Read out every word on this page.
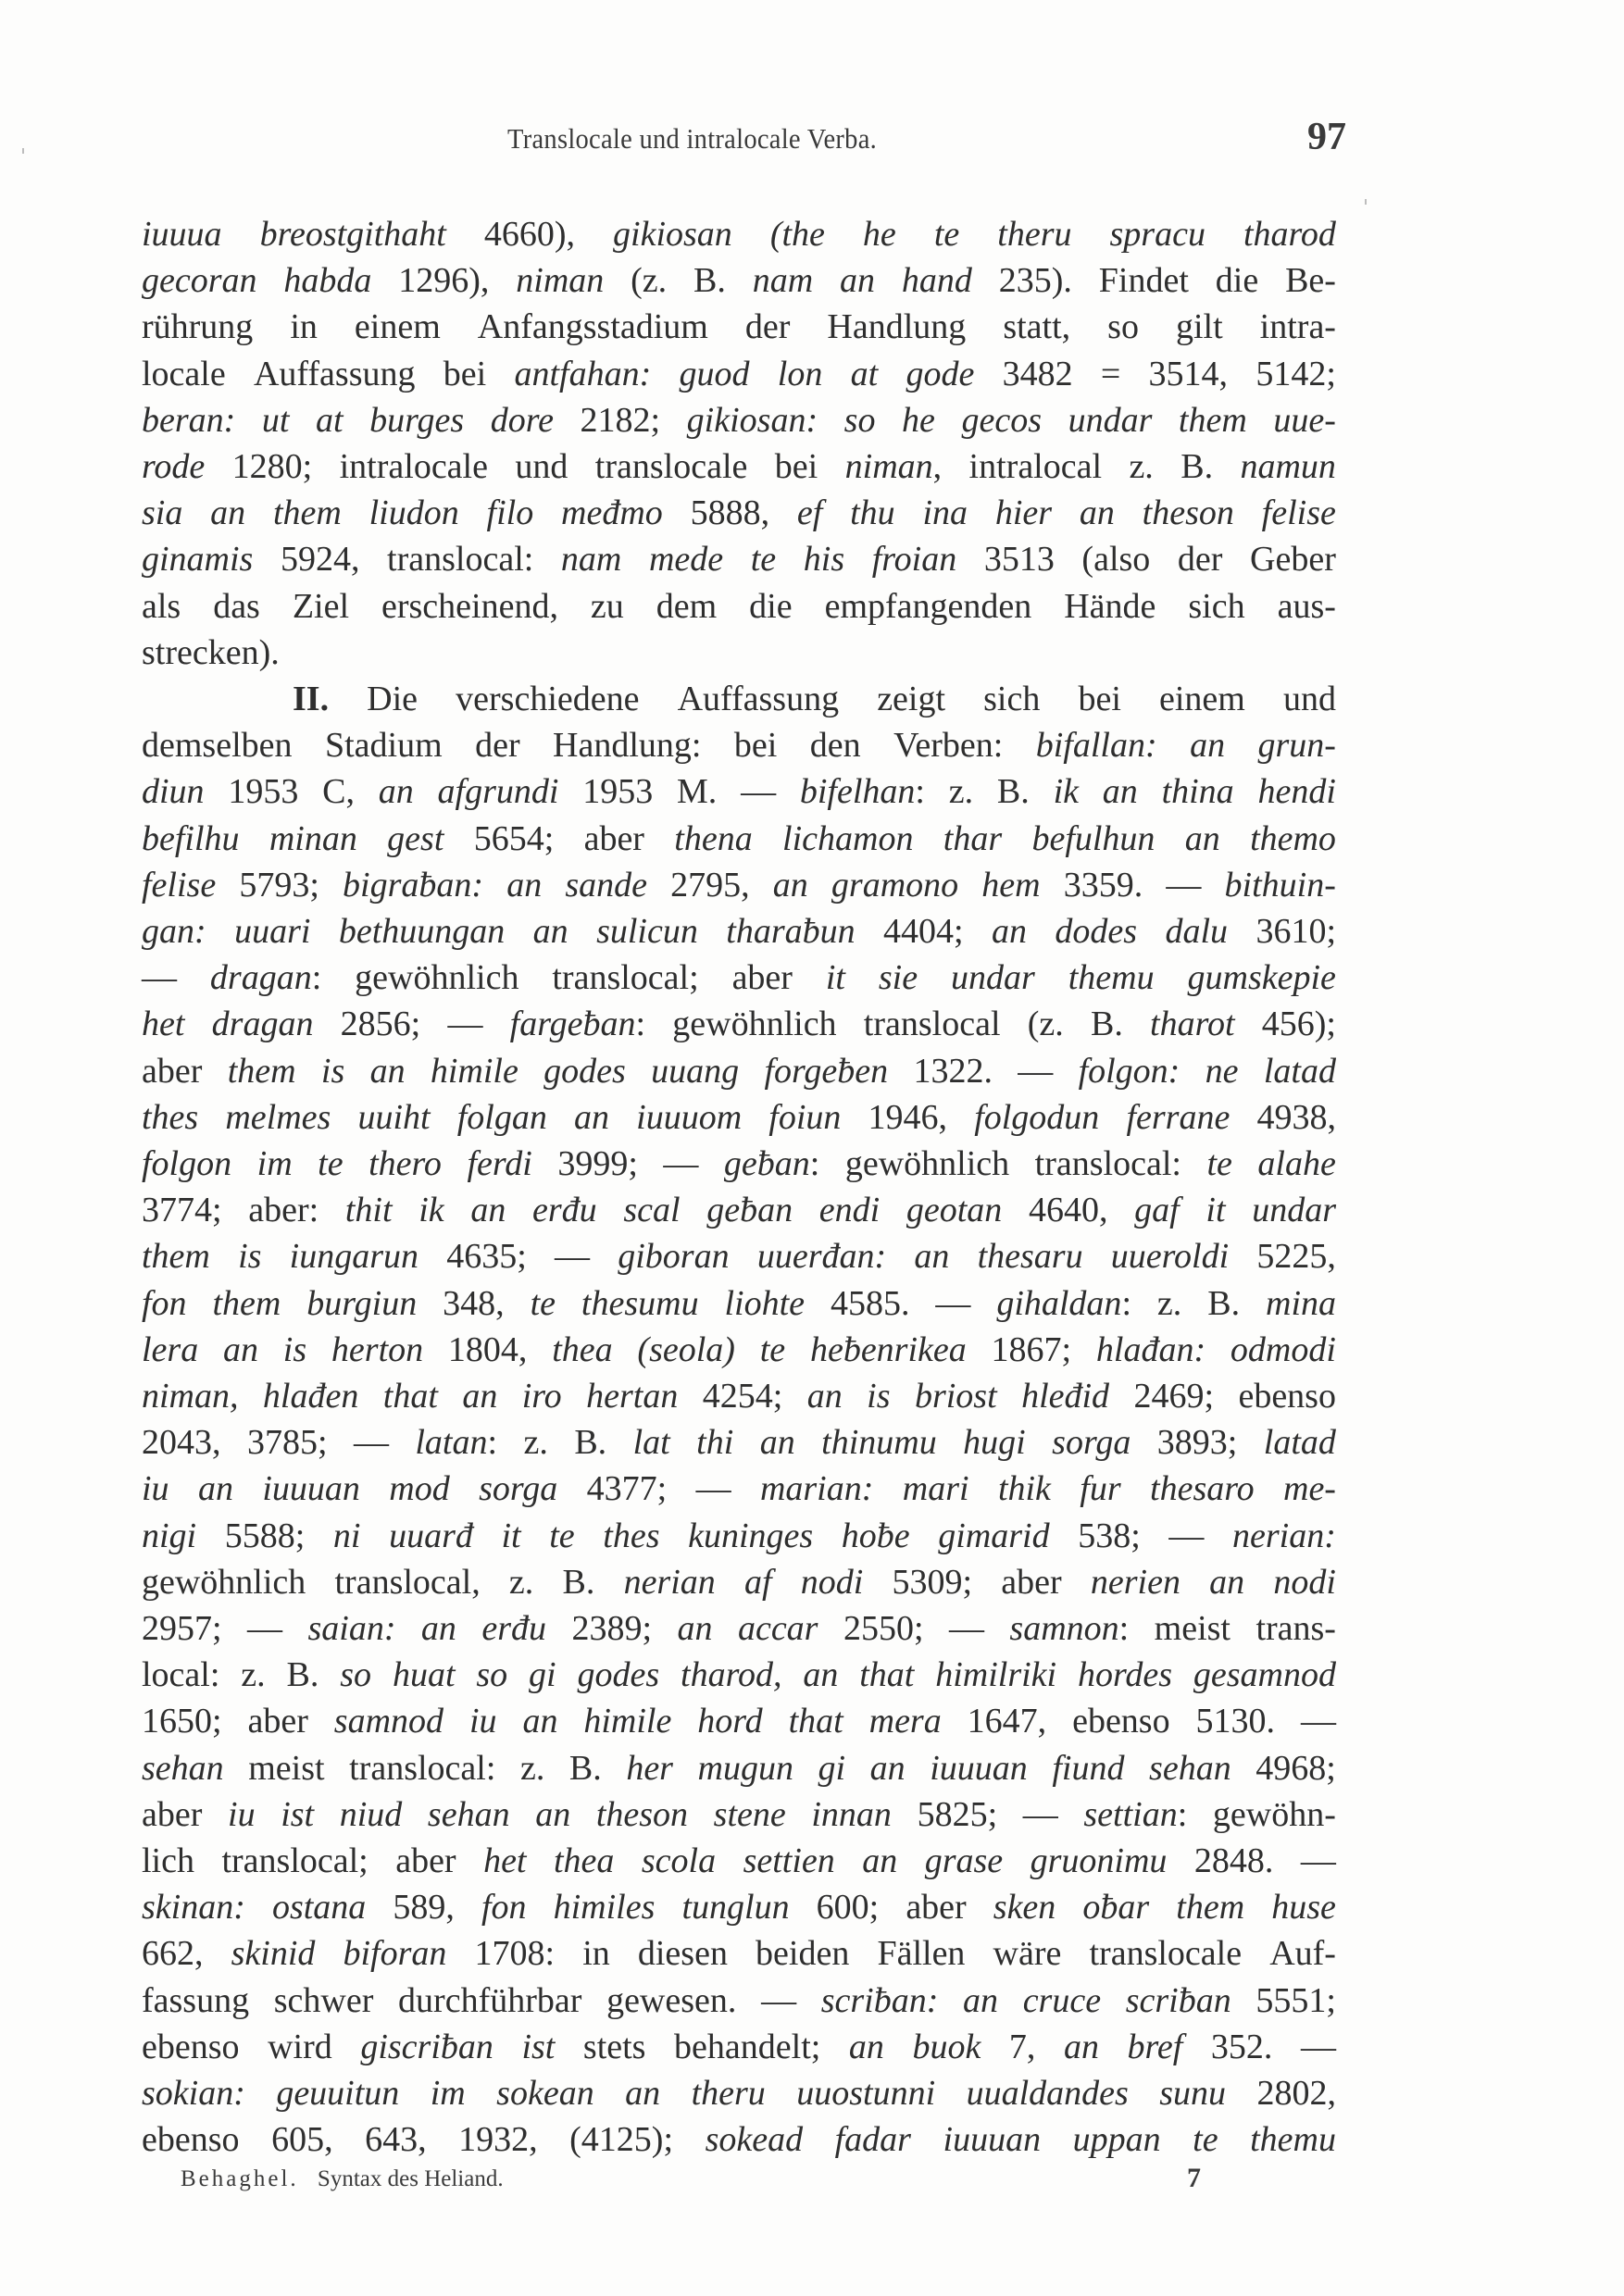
Translocale und intralocale Verba.	97
iuuua breostgithaht 4660), gikiosan (the he te theru spracu tharod
gecoran habda 1296), niman (z. B. nam an hand 235). Findet die Be-
rührung in einem Anfangsstadium der Handlung statt, so gilt intra-
locale Auffassung bei antfahan: guod lon at gode 3482 = 3514, 5142;
beran: ut at burges dore 2182; gikiosan: so he gecos undar them uue-
rode 1280; intralocale und translocale bei niman, intralocal z. B. namun
sia an them liudon filo međmo 5888, ef thu ina hier an theson felise
ginamis 5924, translocal: nam mede te his froian 3513 (also der Geber
als das Ziel erscheinend, zu dem die empfangenden Hände sich aus-
strecken).
II. Die verschiedene Auffassung zeigt sich bei einem und
demselben Stadium der Handlung: bei den Verben: bifallan: an grun-
diun 1953 C, an afgrundi 1953 M. — bifelhan: z. B. ik an thina hendi
befilhu minan gest 5654; aber thena lichamon thar befulhun an themo
felise 5793; bigraƀan: an sande 2795, an gramono hem 3359. — bithuin-
gan: uuari bethuungan an sulicun tharaƀun 4404; an dodes dalu 3610;
— dragan: gewöhnlich translocal; aber it sie undar themu gumskepie
het dragan 2856; — fargeƀan: gewöhnlich translocal (z. B. tharot 456);
aber them is an himile godes uuang forgeƀen 1322. — folgon: ne latad
thes melmes uuiht folgan an iuuuom foiun 1946, folgodun ferrane 4938,
folgon im te thero ferdi 3999; — geƀan: gewöhnlich translocal: te alahe
3774; aber: thit ik an erđu scal geƀan endi geotan 4640, gaf it undar
them is iungarun 4635; — giboran uuerđan: an thesaru uueroldi 5225,
fon them burgiun 348, te thesumu liohte 4585. — gihaldan: z. B. mina
lera an is herton 1804, thea (seola) te heƀenrikea 1867; hlađan: odmodi
niman, hlađen that an iro hertan 4254; an is briost hleđid 2469; ebenso
2043, 3785; — latan: z. B. lat thi an thinumu hugi sorga 3893; latad
iu an iuuuan mod sorga 4377; — marian: mari thik fur thesaro me-
nigi 5588; ni uuarđ it te thes kuninges hoƀe gimarid 538; — nerian:
gewöhnlich translocal, z. B. nerian af nodi 5309; aber nerien an nodi
2957; — saian: an erđu 2389; an accar 2550; — samnon: meist trans-
local: z. B. so huat so gi godes tharod, an that himilriki hordes gesamnod
1650; aber samnod iu an himile hord that mera 1647, ebenso 5130. —
sehan meist translocal: z. B. her mugun gi an iuuuan fiund sehan 4968;
aber iu ist niud sehan an theson stene innan 5825; — settian: gewöhn-
lich translocal; aber het thea scola settien an grase gruonimu 2848. —
skinan: ostana 589, fon himiles tunglun 600; aber sken oƀar them huse
662, skinid biforan 1708: in diesen beiden Fällen wäre translocale Auf-
fassung schwer durchführbar gewesen. — scriƀan: an cruce scriƀan 5551;
ebenso wird giscriƀan ist stets behandelt; an buok 7, an bref 352. —
sokian: geuuitun im sokean an theru uuostunni uualdandes sunu 2802,
ebenso 605, 643, 1932, (4125); sokead fadar iuuuan uppan te themu
Behaghel. Syntax des Heliand.	7
